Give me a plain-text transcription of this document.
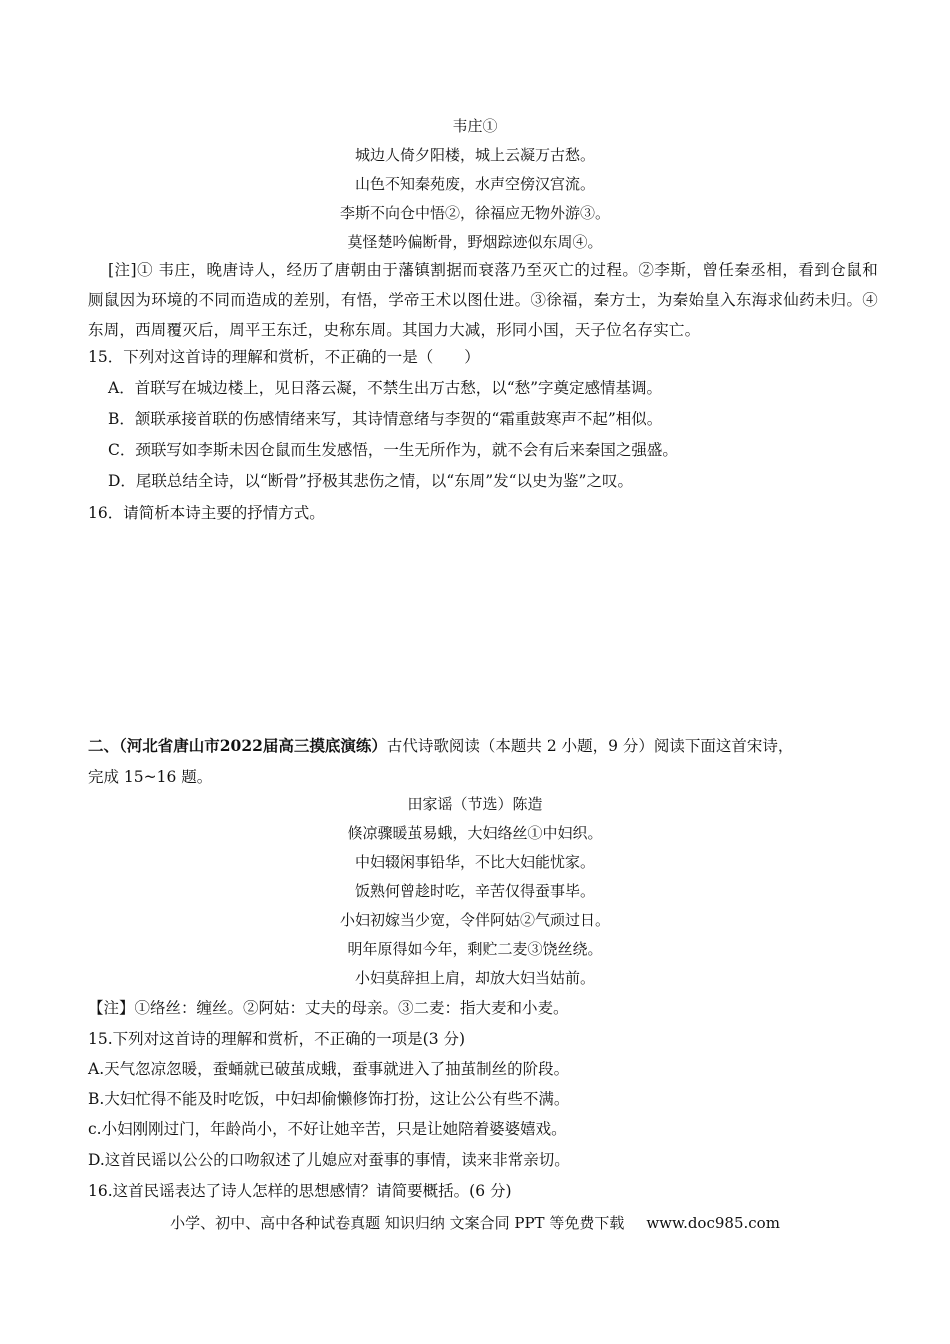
韦庄①
城边人倚夕阳楼，城上云凝万古愁。
山色不知秦苑废，水声空傍汉宫流。
李斯不向仓中悟②，徐福应无物外游③。
莫怪楚吟偏断骨，野烟踪迹似东周④。
[注]① 韦庄，晚唐诗人，经历了唐朝由于藩镇割据而衰落乃至灭亡的过程。②李斯，曾任秦丞相，看到仓鼠和厕鼠因为环境的不同而造成的差别，有悟，学帝王术以图仕进。③徐福，秦方士，为秦始皇入东海求仙药未归。④东周，西周覆灭后，周平王东迁，史称东周。其国力大减，形同小国，天子位名存实亡。
15．下列对这首诗的理解和赏析，不正确的一是（　　）
A．首联写在城边楼上，见日落云凝，不禁生出万古愁，以“愁”字奠定感情基调。
B．颔联承接首联的伤感情绪来写，其诗情意绪与李贺的“霜重鼓寒声不起”相似。
C．颈联写如李斯未因仓鼠而生发感悟，一生无所作为，就不会有后来秦国之强盛。
D．尾联总结全诗，以“断骨”抒极其悲伤之情，以“东周”发“以史为鉴”之叹。
16．请简析本诗主要的抒情方式。
二、（河北省唐山市2022届高三摸底演练）古代诗歌阅读（本题共 2 小题，9 分）阅读下面这首宋诗，
完成 15~16 题。
田家谣（节选）陈造
倏凉骤暖茧易蛾，大妇络丝①中妇织。
中妇辍闲事铅华，不比大妇能忧家。
饭熟何曾趁时吃，辛苦仅得蚕事毕。
小妇初嫁当少宽，令伴阿姑②气顽过日。
明年原得如今年，剩贮二麦③饶丝绕。
小妇莫辞担上肩，却放大妇当姑前。
【注】①络丝：缠丝。②阿姑：丈夫的母亲。③二麦：指大麦和小麦。
15.下列对这首诗的理解和赏析，不正确的一项是(3 分)
A.天气忽凉忽暖，蚕蛹就已破茧成蛾，蚕事就进入了抽茧制丝的阶段。
B.大妇忙得不能及时吃饭，中妇却偷懒修饰打扮，这让公公有些不满。
c.小妇刚刚过门，年龄尚小，不好让她辛苦，只是让她陪着婆婆嬉戏。
D.这首民谣以公公的口吻叙述了儿媳应对蚕事的事情，读来非常亲切。
16.这首民谣表达了诗人怎样的思想感情？请简要概括。(6 分)
小学、初中、高中各种试卷真题 知识归纳 文案合同 PPT 等免费下载 www.doc985.com
